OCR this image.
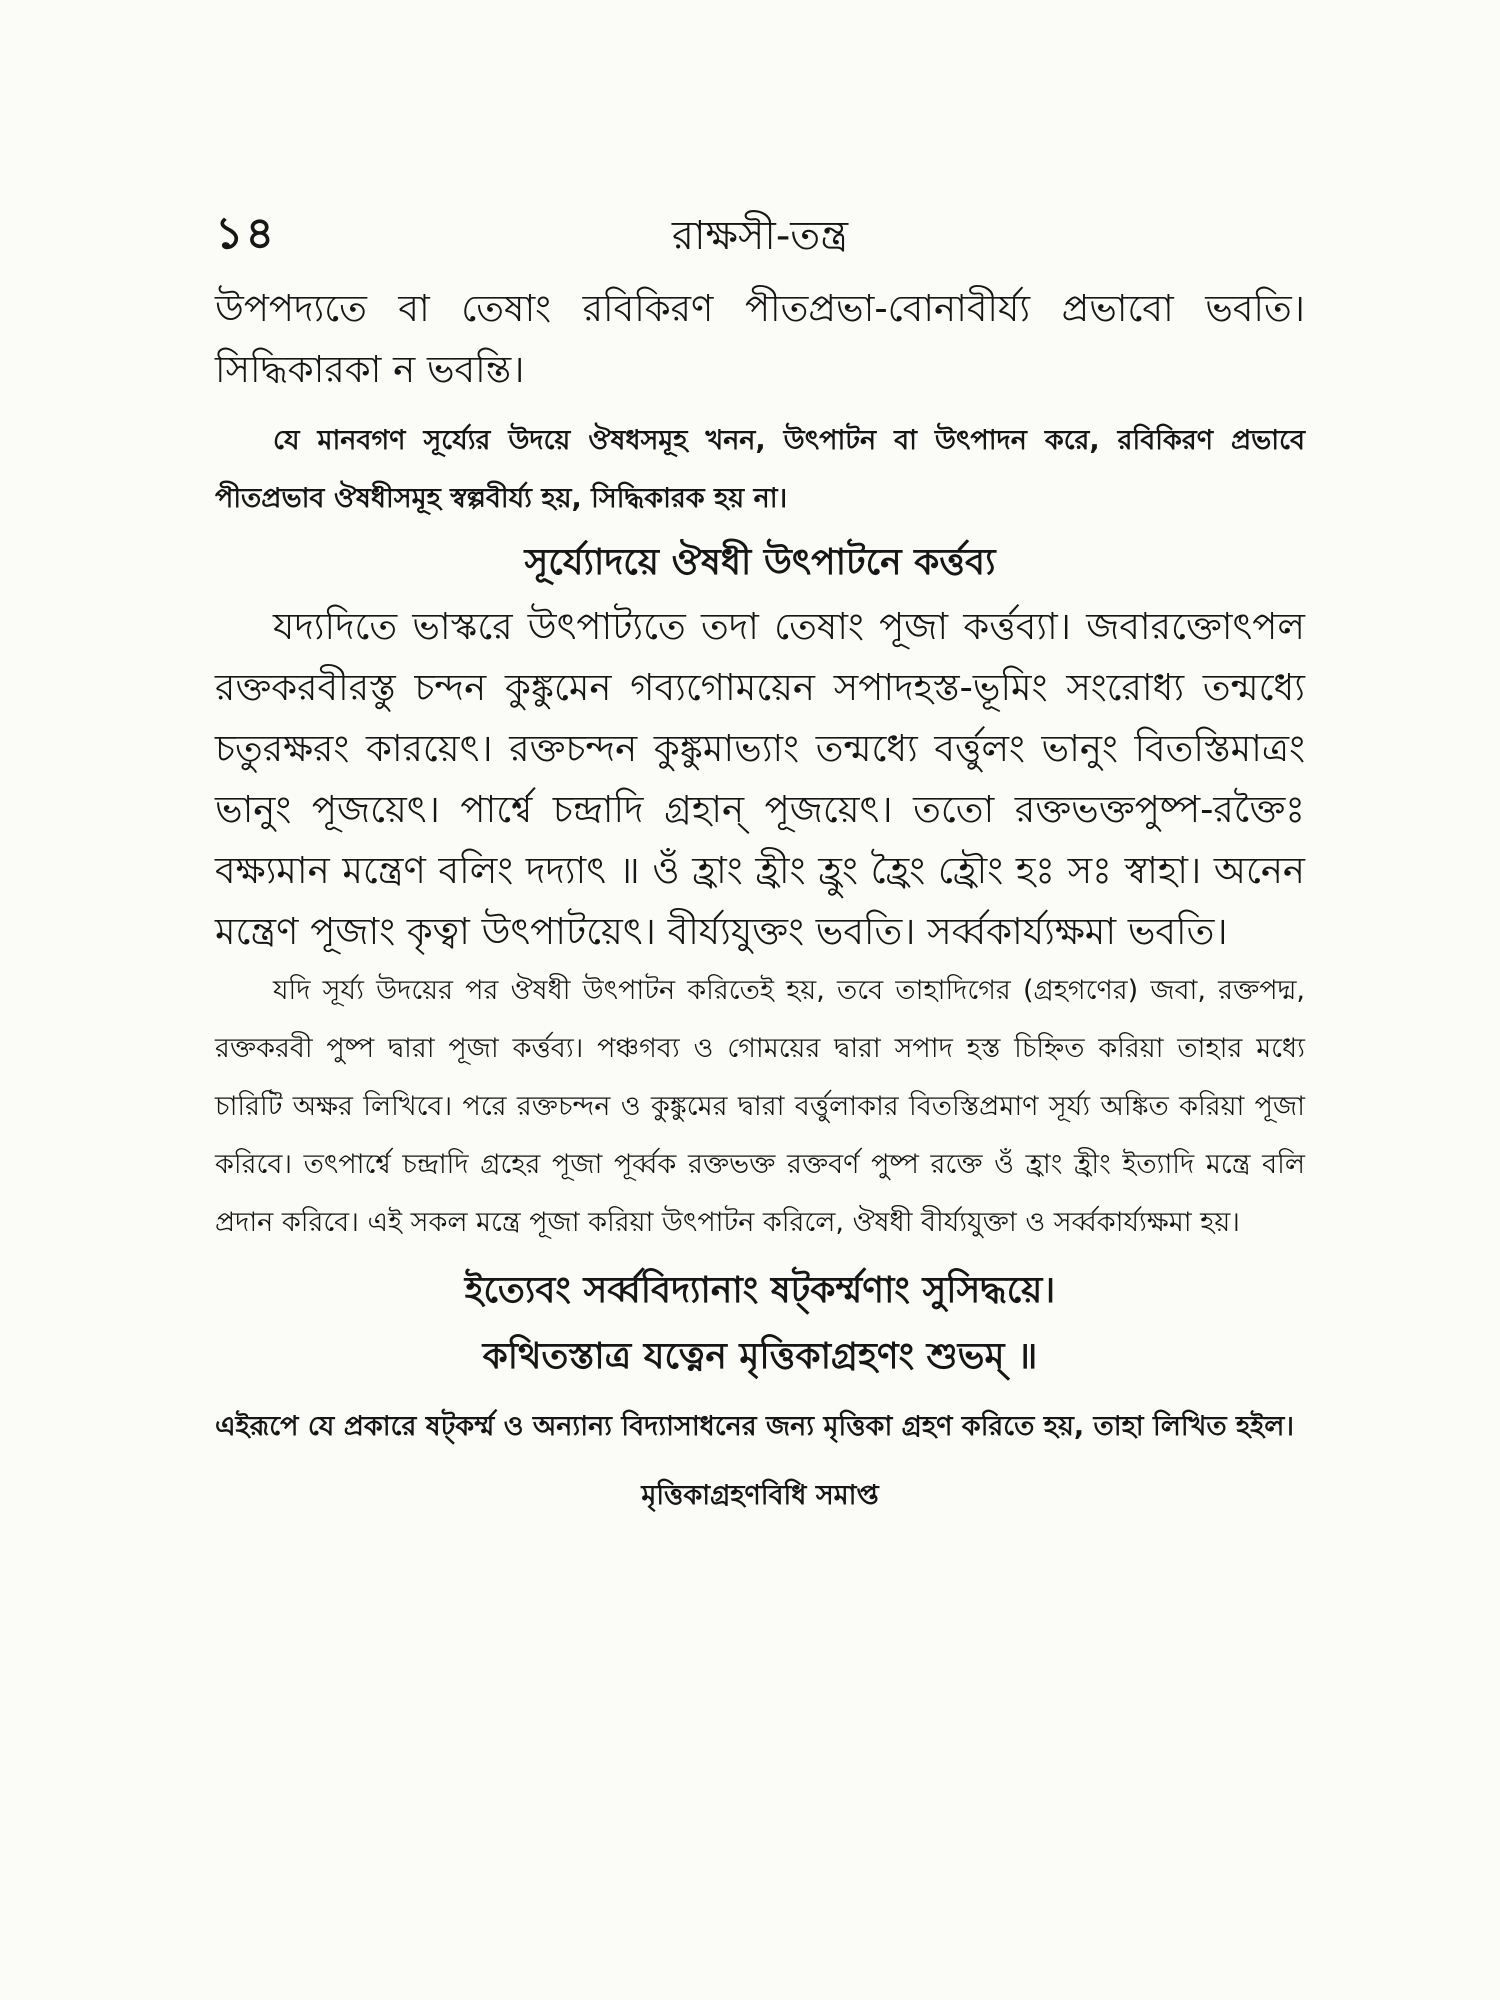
১৪	রাক্ষসী-তন্ত্র

উপপদ্যতে বা তেষাং রবিকিরণ পীতপ্রভা-বোনাবীর্য্য প্রভাবো ভবতি। সিদ্ধিকারকা ন ভবন্তি।

যে মানবগণ সূর্য্যের উদয়ে ঔষধসমূহ খনন, উৎপাটন বা উৎপাদন করে, রবিকিরণ প্রভাবে পীতপ্রভাব ঔষধীসমূহ স্বল্পবীর্য্য হয়, সিদ্ধিকারক হয় না।

সূর্য্যোদয়ে ঔষধী উৎপাটনে কর্ত্তব্য

যদ্যদিতে ভাস্করে উৎপাট্যতে তদা তেষাং পূজা কর্ত্তব্যা। জবারক্তোৎপল রক্তকরবীরস্তু চন্দন কুঙ্কুমেন গব্যগোময়েন সপাদহস্ত-ভূমিং সংরোধ্য তন্মধ্যে চতুরক্ষরং কারয়েৎ। রক্তচন্দন কুঙ্কুমাভ্যাং তন্মধ্যে বর্ত্তুলং ভানুং বিতস্তিমাত্রং ভানুং পূজয়েৎ। পার্শ্বে চন্দ্রাদি গ্রহান্ পূজয়েৎ। ততো রক্তভক্তপুষ্প-রক্তৈঃ বক্ষ্যমান মন্ত্রেণ বলিং দদ্যাৎ ॥ ওঁ হ্রাং হ্রীং হ্রুং হ্রৈং হ্রৌং হঃ সঃ স্বাহা। অনেন মন্ত্রেণ পূজাং কৃত্বা উৎপাটয়েৎ। বীর্য্যযুক্তং ভবতি। সর্ব্বকার্য্যক্ষমা ভবতি।

যদি সূর্য্য উদয়ের পর ঔষধী উৎপাটন করিতেই হয়, তবে তাহাদিগের (গ্রহগণের) জবা, রক্তপদ্ম, রক্তকরবী পুষ্প দ্বারা পূজা কর্ত্তব্য। পঞ্চগব্য ও গোময়ের দ্বারা সপাদ হস্ত চিহ্নিত করিয়া তাহার মধ্যে চারিটি অক্ষর লিখিবে। পরে রক্তচন্দন ও কুঙ্কুমের দ্বারা বর্ত্তুলাকার বিতস্তিপ্রমাণ সূর্য্য অঙ্কিত করিয়া পূজা করিবে। তৎপার্শ্বে চন্দ্রাদি গ্রহের পূজা পূর্ব্বক রক্তভক্ত রক্তবর্ণ পুষ্প রক্তে ওঁ হ্রাং হ্রীং ইত্যাদি মন্ত্রে বলি প্রদান করিবে। এই সকল মন্ত্রে পূজা করিয়া উৎপাটন করিলে, ঔষধী বীর্য্যযুক্তা ও সর্ব্বকার্য্যক্ষমা হয়।

ইত্যেবং সর্ব্ববিদ্যানাং ষট্কর্ম্মণাং সুসিদ্ধয়ে।
কথিতস্তাত্র যত্নেন মৃত্তিকাগ্রহণং শুভম্ ॥

এইরূপে যে প্রকারে ষট্‌কর্ম্ম ও অন্যান্য বিদ্যাসাধনের জন্য মৃত্তিকা গ্রহণ করিতে হয়, তাহা লিখিত হইল।

মৃত্তিকাগ্রহণবিধি সমাপ্ত
